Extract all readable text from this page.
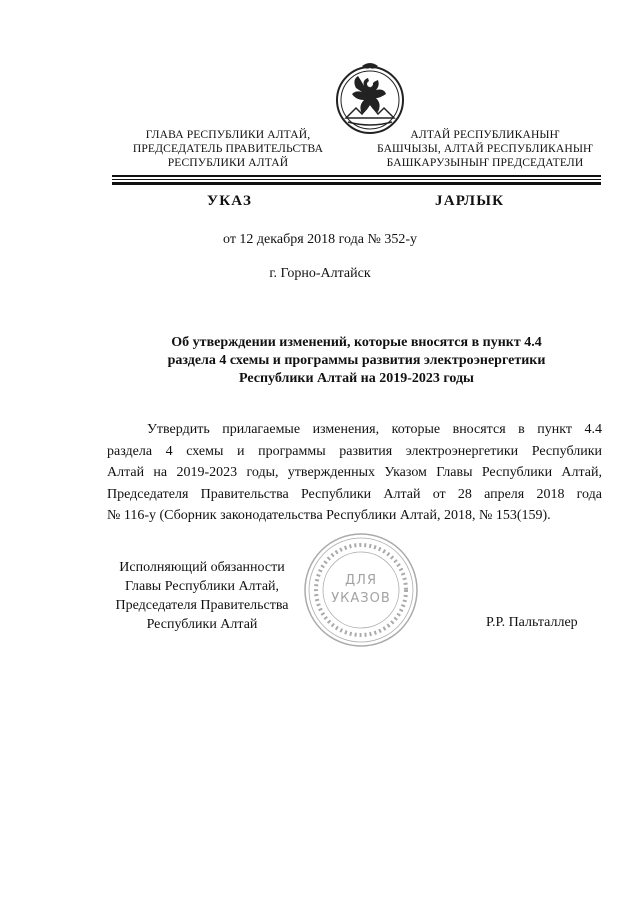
ГЛАВА РЕСПУБЛИКИ АЛТАЙ,
ПРЕДСЕДАТЕЛЬ ПРАВИТЕЛЬСТВА
РЕСПУБЛИКИ АЛТАЙ
АЛТАЙ РЕСПУБЛИКАНЫҤ
БАШЧЫЗЫ, АЛТАЙ РЕСПУБЛИКАНЫҤ
БАШКАРУЗЫНЫҤ ПРЕДСЕДАТЕЛИ
УКАЗ	ЈАРЛЫК
от 12 декабря 2018 года № 352-у
г. Горно-Алтайск
Об утверждении изменений, которые вносятся в пункт 4.4
раздела 4 схемы и программы развития электроэнергетики
Республики Алтай на 2019-2023 годы
Утвердить прилагаемые изменения, которые вносятся в пункт 4.4
раздела 4 схемы и программы развития электроэнергетики Республики
Алтай на 2019-2023 годы, утвержденных Указом Главы Республики Алтай,
Председателя Правительства Республики Алтай от 28 апреля 2018 года
№ 116-у (Сборник законодательства Республики Алтай, 2018, № 153(159).
Исполняющий обязанности
Главы Республики Алтай,
Председателя Правительства
Республики Алтай	Р.Р. Пальталлер
ДЛЯ
УКАЗОВ
